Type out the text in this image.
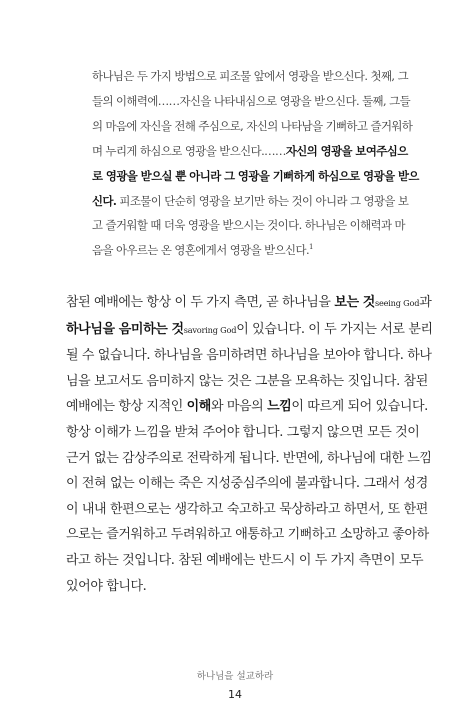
하나님은 두 가지 방법으로 피조물 앞에서 영광을 받으신다. 첫째, 그
들의 이해력에……자신을 나타내심으로 영광을 받으신다. 둘째, 그들
의 마음에 자신을 전해 주심으로, 자신의 나타남을 기뻐하고 즐거워하
며 누리게 하심으로 영광을 받으신다.……자신의 영광을 보여주심으
로 영광을 받으실 뿐 아니라 그 영광을 기뻐하게 하심으로 영광을 받으
신다. 피조물이 단순히 영광을 보기만 하는 것이 아니라 그 영광을 보
고 즐거워할 때 더욱 영광을 받으시는 것이다. 하나님은 이해력과 마
음을 아우르는 온 영혼에게서 영광을 받으신다.$^1$
참된 예배에는 항상 이 두 가지 측면, 곧 하나님을 보는 것seeing God과
하나님을 음미하는 것savoring God이 있습니다. 이 두 가지는 서로 분리
될 수 없습니다. 하나님을 음미하려면 하나님을 보아야 합니다. 하나
님을 보고서도 음미하지 않는 것은 그분을 모욕하는 짓입니다. 참된
예배에는 항상 지적인 이해와 마음의 느낌이 따르게 되어 있습니다.
항상 이해가 느낌을 받쳐 주어야 합니다. 그렇지 않으면 모든 것이
근거 없는 감상주의로 전락하게 됩니다. 반면에, 하나님에 대한 느낌
이 전혀 없는 이해는 죽은 지성중심주의에 불과합니다. 그래서 성경
이 내내 한편으로는 생각하고 숙고하고 묵상하라고 하면서, 또 한편
으로는 즐거워하고 두려워하고 애통하고 기뻐하고 소망하고 좋아하
라고 하는 것입니다. 참된 예배에는 반드시 이 두 가지 측면이 모두
있어야 합니다.
하나님을 설교하라
14
